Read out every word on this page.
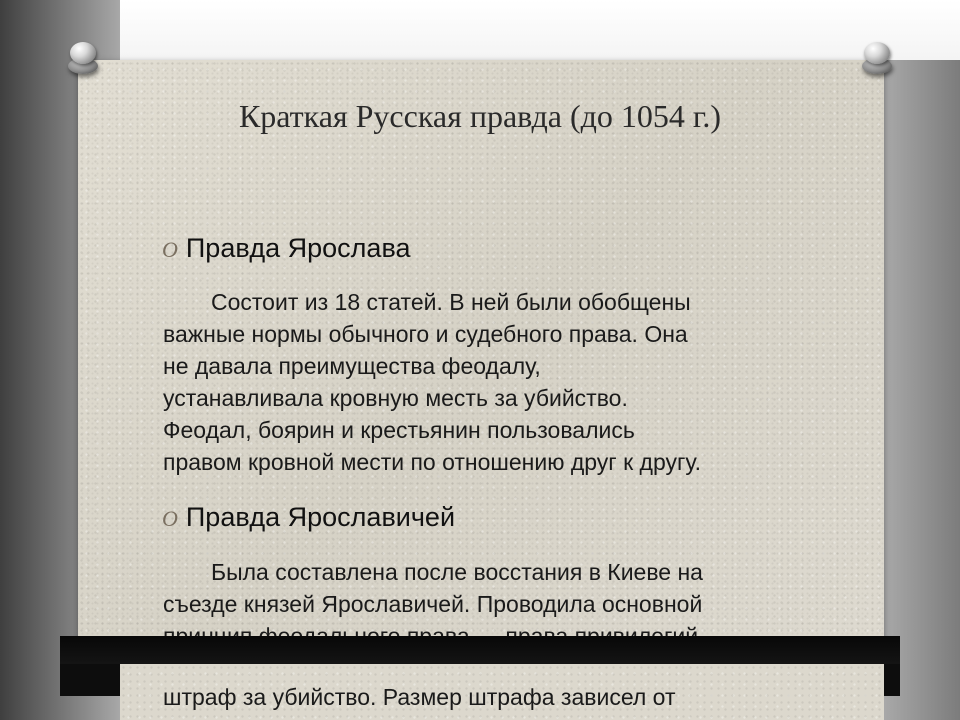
Краткая Русская правда (до 1054 г.)
O Правда Ярослава

Состоит из 18 статей. В ней были обобщены
важные нормы обычного и судебного права. Она
не давала преимущества феодалу,
устанавливала кровную месть за убийство.
Феодал, боярин и крестьянин пользовались
правом кровной мести по отношению друг к другу.

O Правда Ярославичей

Была составлена после восстания в Киеве на
съезде князей Ярославичей. Проводила основной

штраф за убийство. Размер штрафа зависел от
